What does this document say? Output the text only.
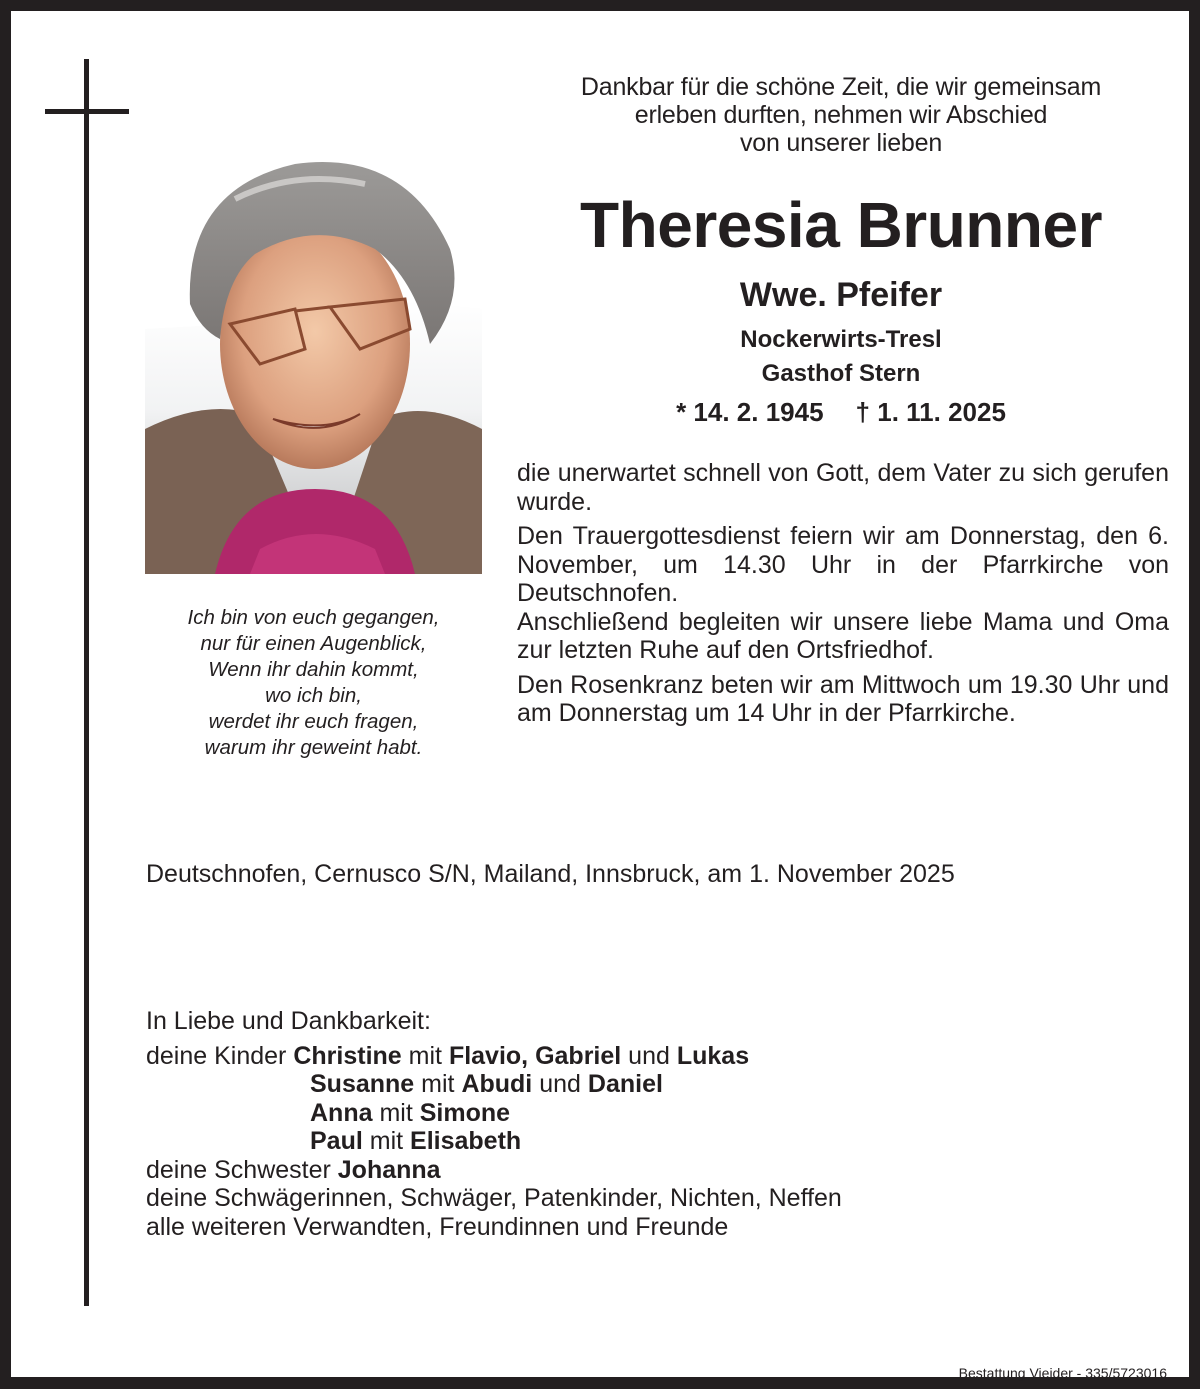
Dankbar für die schöne Zeit, die wir gemeinsam
erleben durften, nehmen wir Abschied
von unserer lieben
Theresia Brunner
Wwe. Pfeifer
Nockerwirts-Tresl
Gasthof Stern
* 14. 2. 1945 † 1. 11. 2025
Ich bin von euch gegangen,
nur für einen Augenblick,
Wenn ihr dahin kommt,
wo ich bin,
werdet ihr euch fragen,
warum ihr geweint habt.

die unerwartet schnell von Gott, dem Vater zu sich gerufen wurde.

Den Trauergottesdienst feiern wir am Donnerstag, den 6. November, um 14.30 Uhr in der Pfarrkirche von Deutschnofen.

Anschließend begleiten wir unsere liebe Mama und Oma zur letzten Ruhe auf den Ortsfriedhof.

Den Rosenkranz beten wir am Mittwoch um 19.30 Uhr und am Donnerstag um 14 Uhr in der Pfarrkirche.

Deutschnofen, Cernusco S/N, Mailand, Innsbruck, am 1. November 2025
In Liebe und Dankbarkeit:
deine Kinder Christine mit Flavio, Gabriel und Lukas
Susanne mit Abudi und Daniel
Anna mit Simone
Paul mit Elisabeth
deine Schwester Johanna
deine Schwägerinnen, Schwäger, Patenkinder, Nichten, Neffen
alle weiteren Verwandten, Freundinnen und Freunde
Bestattung Vieider - 335/5723016
